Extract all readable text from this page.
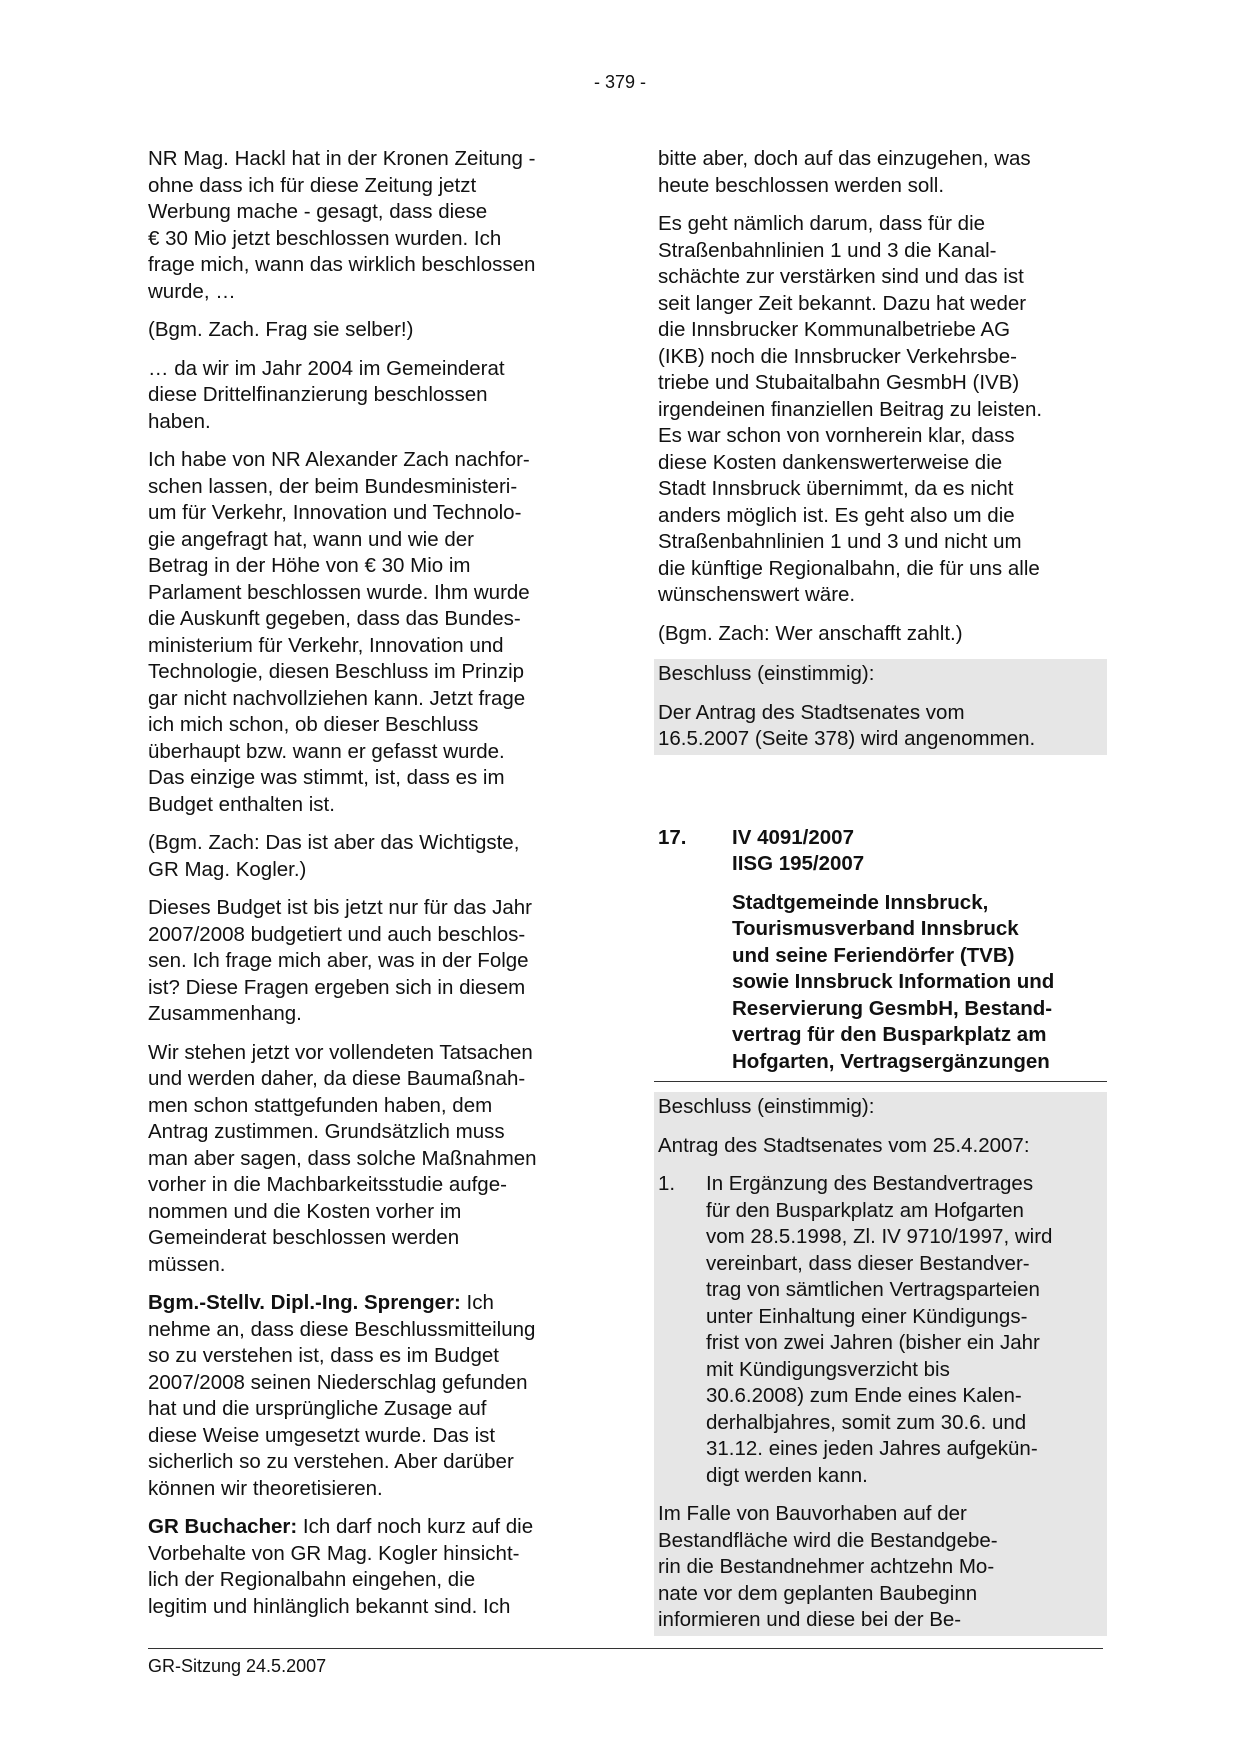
- 379 -

NR Mag. Hackl hat in der Kronen Zeitung -
ohne dass ich für diese Zeitung jetzt
Werbung mache - gesagt, dass diese
€ 30 Mio jetzt beschlossen wurden. Ich
frage mich, wann das wirklich beschlossen
wurde, …

(Bgm. Zach. Frag sie selber!)

… da wir im Jahr 2004 im Gemeinderat
diese Drittelfinanzierung beschlossen
haben.

Ich habe von NR Alexander Zach nachfor-
schen lassen, der beim Bundesministeri-
um für Verkehr, Innovation und Technolo-
gie angefragt hat, wann und wie der
Betrag in der Höhe von € 30 Mio im
Parlament beschlossen wurde. Ihm wurde
die Auskunft gegeben, dass das Bundes-
ministerium für Verkehr, Innovation und
Technologie, diesen Beschluss im Prinzip
gar nicht nachvollziehen kann. Jetzt frage
ich mich schon, ob dieser Beschluss
überhaupt bzw. wann er gefasst wurde.
Das einzige was stimmt, ist, dass es im
Budget enthalten ist.

(Bgm. Zach: Das ist aber das Wichtigste,
GR Mag. Kogler.)

Dieses Budget ist bis jetzt nur für das Jahr
2007/2008 budgetiert und auch beschlos-
sen. Ich frage mich aber, was in der Folge
ist? Diese Fragen ergeben sich in diesem
Zusammenhang.

Wir stehen jetzt vor vollendeten Tatsachen
und werden daher, da diese Baumaßnah-
men schon stattgefunden haben, dem
Antrag zustimmen. Grundsätzlich muss
man aber sagen, dass solche Maßnahmen
vorher in die Machbarkeitsstudie aufge-
nommen und die Kosten vorher im
Gemeinderat beschlossen werden
müssen.

Bgm.-Stellv. Dipl.-Ing. Sprenger: Ich
nehme an, dass diese Beschlussmitteilung
so zu verstehen ist, dass es im Budget
2007/2008 seinen Niederschlag gefunden
hat und die ursprüngliche Zusage auf
diese Weise umgesetzt wurde. Das ist
sicherlich so zu verstehen. Aber darüber
können wir theoretisieren.

GR Buchacher: Ich darf noch kurz auf die
Vorbehalte von GR Mag. Kogler hinsicht-
lich der Regionalbahn eingehen, die
legitim und hinlänglich bekannt sind. Ich

bitte aber, doch auf das einzugehen, was
heute beschlossen werden soll.

Es geht nämlich darum, dass für die
Straßenbahnlinien 1 und 3 die Kanal-
schächte zur verstärken sind und das ist
seit langer Zeit bekannt. Dazu hat weder
die Innsbrucker Kommunalbetriebe AG
(IKB) noch die Innsbrucker Verkehrsbe-
triebe und Stubaitalbahn GesmbH (IVB)
irgendeinen finanziellen Beitrag zu leisten.
Es war schon von vornherein klar, dass
diese Kosten dankenswerterweise die
Stadt Innsbruck übernimmt, da es nicht
anders möglich ist. Es geht also um die
Straßenbahnlinien 1 und 3 und nicht um
die künftige Regionalbahn, die für uns alle
wünschenswert wäre.

(Bgm. Zach: Wer anschafft zahlt.)

Beschluss (einstimmig):

Der Antrag des Stadtsenates vom
16.5.2007 (Seite 378) wird angenommen.

17.	IV 4091/2007
IISG 195/2007
Stadtgemeinde Innsbruck,
Tourismusverband Innsbruck
und seine Feriendörfer (TVB)
sowie Innsbruck Information und
Reservierung GesmbH, Bestand-
vertrag für den Busparkplatz am
Hofgarten, Vertragsergänzungen

Beschluss (einstimmig):

Antrag des Stadtsenates vom 25.4.2007:

1.	In Ergänzung des Bestandvertrages
für den Busparkplatz am Hofgarten
vom 28.5.1998, Zl. IV 9710/1997, wird
vereinbart, dass dieser Bestandver-
trag von sämtlichen Vertragsparteien
unter Einhaltung einer Kündigungs-
frist von zwei Jahren (bisher ein Jahr
mit Kündigungsverzicht bis
30.6.2008) zum Ende eines Kalen-
derhalbjahres, somit zum 30.6. und
31.12. eines jeden Jahres aufgekün-
digt werden kann.

Im Falle von Bauvorhaben auf der
Bestandfläche wird die Bestandgebe-
rin die Bestandnehmer achtzehn Mo-
nate vor dem geplanten Baubeginn
informieren und diese bei der Be-

GR-Sitzung 24.5.2007
